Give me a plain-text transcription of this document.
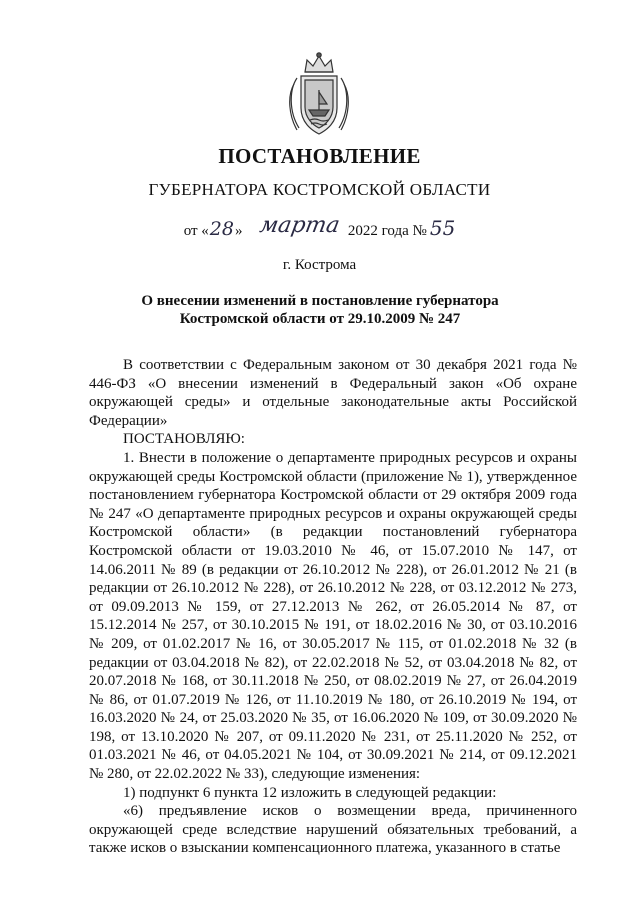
ПОСТАНОВЛЕНИЕ
ГУБЕРНАТОРА КОСТРОМСКОЙ ОБЛАСТИ
от «28» марта 2022 года № 55
г. Кострома
О внесении изменений в постановление губернатора
Костромской области от 29.10.2009 № 247

В соответствии с Федеральным законом от 30 декабря 2021 года № 446-ФЗ «О внесении изменений в Федеральный закон «Об охране окружающей среды» и отдельные законодательные акты Российской Федерации»

ПОСТАНОВЛЯЮ:

1. Внести в положение о департаменте природных ресурсов и охраны окружающей среды Костромской области (приложение № 1), утвержденное постановлением губернатора Костромской области от 29 октября 2009 года № 247 «О департаменте природных ресурсов и охраны окружающей среды Костромской области» (в редакции постановлений губернатора Костромской области от 19.03.2010 № 46, от 15.07.2010 № 147, от 14.06.2011 № 89 (в редакции от 26.10.2012 № 228), от 26.01.2012 № 21 (в редакции от 26.10.2012 № 228), от 26.10.2012 № 228, от 03.12.2012 № 273, от 09.09.2013 № 159, от 27.12.2013 № 262, от 26.05.2014 № 87, от 15.12.2014 № 257, от 30.10.2015 № 191, от 18.02.2016 № 30, от 03.10.2016 № 209, от 01.02.2017 № 16, от 30.05.2017 № 115, от 01.02.2018 № 32 (в редакции от 03.04.2018 № 82), от 22.02.2018 № 52, от 03.04.2018 № 82, от 20.07.2018 № 168, от 30.11.2018 № 250, от 08.02.2019 № 27, от 26.04.2019 № 86, от 01.07.2019 № 126, от 11.10.2019 № 180, от 26.10.2019 № 194, от 16.03.2020 № 24, от 25.03.2020 № 35, от 16.06.2020 № 109, от 30.09.2020 № 198, от 13.10.2020 № 207, от 09.11.2020 № 231, от 25.11.2020 № 252, от 01.03.2021 № 46, от 04.05.2021 № 104, от 30.09.2021 № 214, от 09.12.2021 № 280, от 22.02.2022 № 33), следующие изменения:

1) подпункт 6 пункта 12 изложить в следующей редакции:

«6) предъявление исков о возмещении вреда, причиненного окружающей среде вследствие нарушений обязательных требований, а также исков о взыскании компенсационного платежа, указанного в статье
